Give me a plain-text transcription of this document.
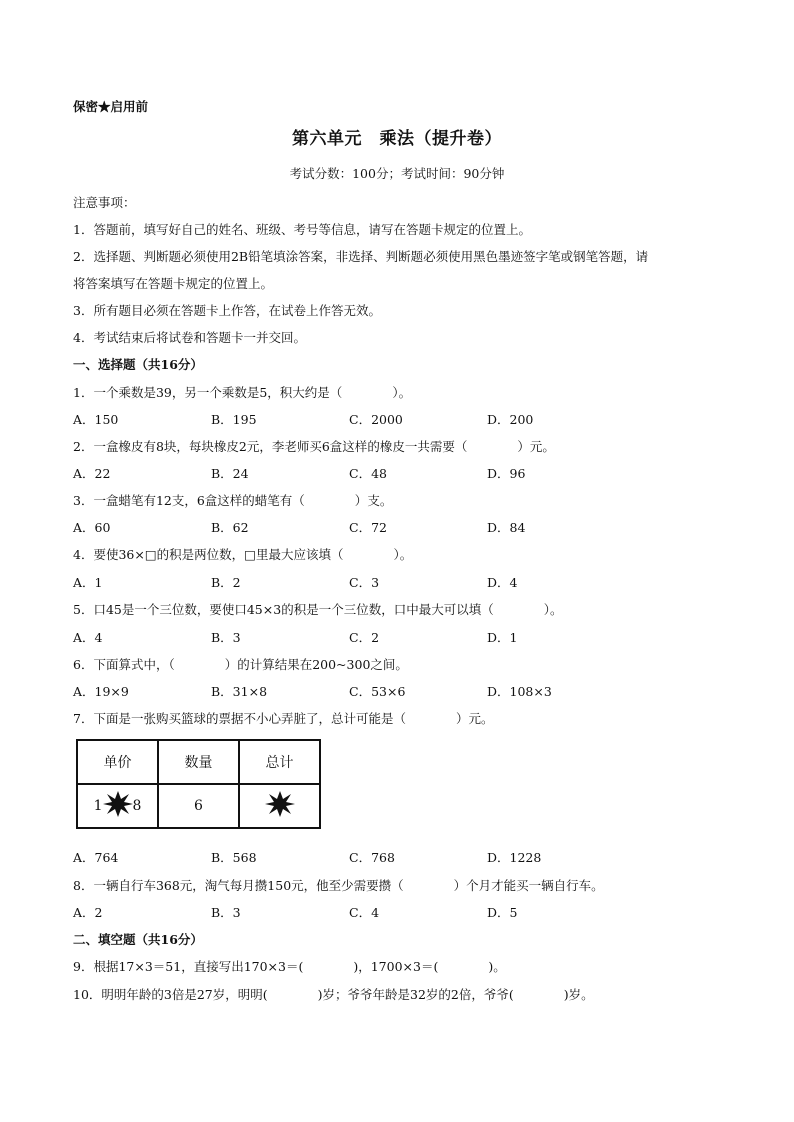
保密★启用前
第六单元　乘法（提升卷）
考试分数：100分；考试时间：90分钟
注意事项：
1．答题前，填写好自己的姓名、班级、考号等信息，请写在答题卡规定的位置上。
2．选择题、判断题必须使用2B铅笔填涂答案，非选择、判断题必须使用黑色墨迹签字笔或钢笔答题，请
将答案填写在答题卡规定的位置上。
3．所有题目必须在答题卡上作答，在试卷上作答无效。
4．考试结束后将试卷和答题卡一并交回。
一、选择题（共16分）
1．一个乘数是39，另一个乘数是5，积大约是（　　　　）。
A．150	B．195	C．2000	D．200
2．一盒橡皮有8块，每块橡皮2元，李老师买6盒这样的橡皮一共需要（　　　　）元。
A．22	B．24	C．48	D．96
3．一盒蜡笔有12支，6盒这样的蜡笔有（　　　　）支。
A．60	B．62	C．72	D．84
4．要使36×□的积是两位数，□里最大应该填（　　　　）。
A．1	B．2	C．3	D．4
5．口45是一个三位数，要使口45×3的积是一个三位数，口中最大可以填（　　　　）。
A．4	B．3	C．2	D．1
6．下面算式中，（　　　　）的计算结果在200~300之间。
A．19×9	B．31×8	C．53×6	D．108×3
7．下面是一张购买篮球的票据不小心弄脏了，总计可能是（　　　　）元。
单价	数量	总计
1 8	6	
A．764	B．568	C．768	D．1228
8．一辆自行车368元，淘气每月攒150元，他至少需要攒（　　　　）个月才能买一辆自行车。
A．2	B．3	C．4	D．5
二、填空题（共16分）
9．根据17×3＝51，直接写出170×3＝(　　　　)，1700×3＝(　　　　)。
10．明明年龄的3倍是27岁，明明(　　　　)岁；爷爷年龄是32岁的2倍，爷爷(　　　　)岁。
